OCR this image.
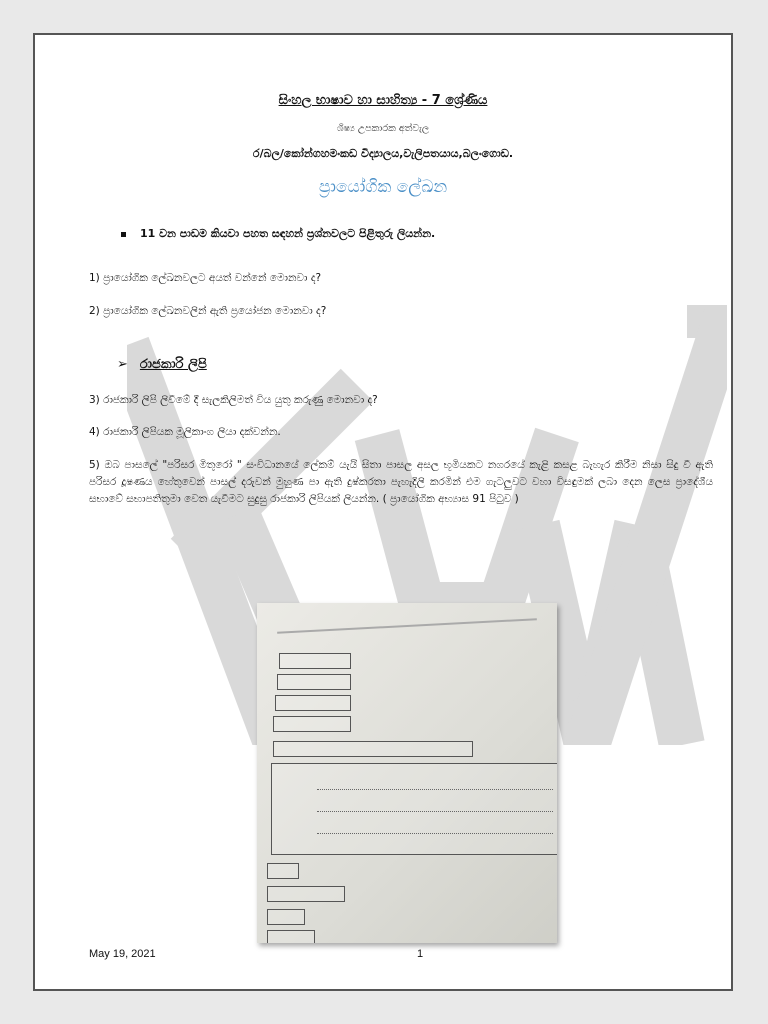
සිංහල භාෂාව හා සාහිත්‍ය - 7 ශ්‍රේණිය
ශිෂ්‍ය උපකාරක අත්වැල
ර/බල/කෝන්ගහමංකඩ විද්‍යාලය,වැලිපතයාය,බලංගොඩ.
ප්‍රායෝගික ලේඛන
11 වන පාඩම කියවා පහත සඳහන් ප්‍රශ්නවලට පිළිතුරු ලියන්න.
1) ප්‍රායෝගික ලේඛනවලට අයත් වන්නේ මොනවා ද?
2) ප්‍රායෝගික ලේඛනවලින් ඇති ප්‍රයෝජන මොනවා ද?
➢ රාජකාරි ලිපි
3) රාජකාරි ලිපි ලිවීමේ දී සැලකිලිමත් විය යුතු කරුණු මොනවා ද?
4) රාජකාරි ලිපියක මූලිකාංග ලියා දක්වන්න.
5) ඔබ පාසලේ "පරිසර මිතුරෝ " සංවිධානයේ ලේකම් යැයි සිතා පාසල අසල භූමියකට නගරයේ කැළි කසළ බැහැර කිරීම නිසා සිදු වී ඇති පරිසර දූෂණය හේතුවෙන් පාසල් දරුවන් මුහුණ පා ඇති දුෂ්කරතා පැහැදිලි කරමින් එම ගැටලුවට වහා විසඳුමක් ලබා දෙන ලෙස ප්‍රාදේශීය සභාවේ සභාපතිතුමා වෙත යැවීමට සුදුසු රාජකාරි ලිපියක් ලියන්න. ( ප්‍රායෝගික අභ්‍යාස 91 පිටුව )
May 19, 2021	1
